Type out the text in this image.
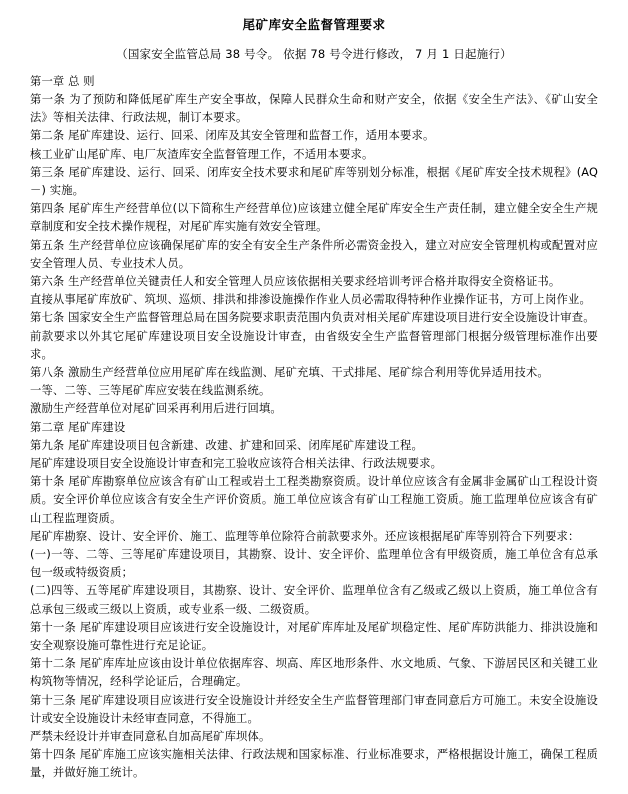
尾矿库安全监督管理要求
（国家安全监管总局 38 号令。 依据 78 号令进行修改， 7 月 1 日起施行）

第一章 总 则

第一条 为了预防和降低尾矿库生产安全事故，保障人民群众生命和财产安全，依据《安全生产法》、《矿山安全法》等相关法律、行政法规，制订本要求。

第二条 尾矿库建设、运行、回采、闭库及其安全管理和监督工作，适用本要求。

核工业矿山尾矿库、电厂灰渣库安全监督管理工作，不适用本要求。

第三条 尾矿库建设、运行、回采、闭库安全技术要求和尾矿库等别划分标准，根据《尾矿库安全技术规程》(AQ－) 实施。

第四条 尾矿库生产经营单位(以下简称生产经营单位)应该建立健全尾矿库安全生产责任制，建立健全安全生产规章制度和安全技术操作规程，对尾矿库实施有效安全管理。

第五条 生产经营单位应该确保尾矿库的安全有安全生产条件所必需资金投入，建立对应安全管理机构或配置对应安全管理人员、专业技术人员。

第六条 生产经营单位关键责任人和安全管理人员应该依据相关要求经培训考评合格并取得安全资格证书。

直接从事尾矿库放矿、筑坝、巡烦、排洪和排渗设施操作作业人员必需取得特种作业操作证书，方可上岗作业。

第七条 国家安全生产监督管理总局在国务院要求职责范围内负责对相关尾矿库建设项目进行安全设施设计审查。

前款要求以外其它尾矿库建设项目安全设施设计审查，由省级安全生产监督管理部门根据分级管理标准作出要求。

第八条 激励生产经营单位应用尾矿库在线监测、尾矿充填、干式排尾、尾矿综合利用等优异适用技术。

一等、二等、三等尾矿库应安装在线监测系统。

激励生产经营单位对尾矿回采再利用后进行回填。

第二章 尾矿库建设

第九条 尾矿库建设项目包含新建、改建、扩建和回采、闭库尾矿库建设工程。

尾矿库建设项目安全设施设计审查和完工验收应该符合相关法律、行政法规要求。

第十条 尾矿库勘察单位应该含有矿山工程或岩土工程类勘察资质。设计单位应该含有金属非金属矿山工程设计资质。安全评价单位应该含有安全生产评价资质。施工单位应该含有矿山工程施工资质。施工监理单位应该含有矿山工程监理资质。

尾矿库勘察、设计、安全评价、施工、监理等单位除符合前款要求外。还应该根据尾矿库等别符合下列要求：

(一)一等、二等、三等尾矿库建设项目，其勘察、设计、安全评价、监理单位含有甲级资质，施工单位含有总承包一级或特级资质；

(二)四等、五等尾矿库建设项目，其勘察、设计、安全评价、监理单位含有乙级或乙级以上资质，施工单位含有总承包三级或三级以上资质，或专业系一级、二级资质。

第十一条 尾矿库建设项目应该进行安全设施设计，对尾矿库库址及尾矿坝稳定性、尾矿库防洪能力、排洪设施和安全观察设施可靠性进行充足论证。

第十二条 尾矿库库址应该由设计单位依据库容、坝高、库区地形条件、水文地质、气象、下游居民区和关键工业构筑物等情况，经科学论证后，合理确定。

第十三条 尾矿库建设项目应该进行安全设施设计并经安全生产监督管理部门审查同意后方可施工。未安全设施设计或安全设施设计未经审查同意，不得施工。

严禁未经设计并审查同意私自加高尾矿库坝体。

第十四条 尾矿库施工应该实施相关法律、行政法规和国家标准、行业标准要求，严格根据设计施工，确保工程质量，并做好施工统计。
